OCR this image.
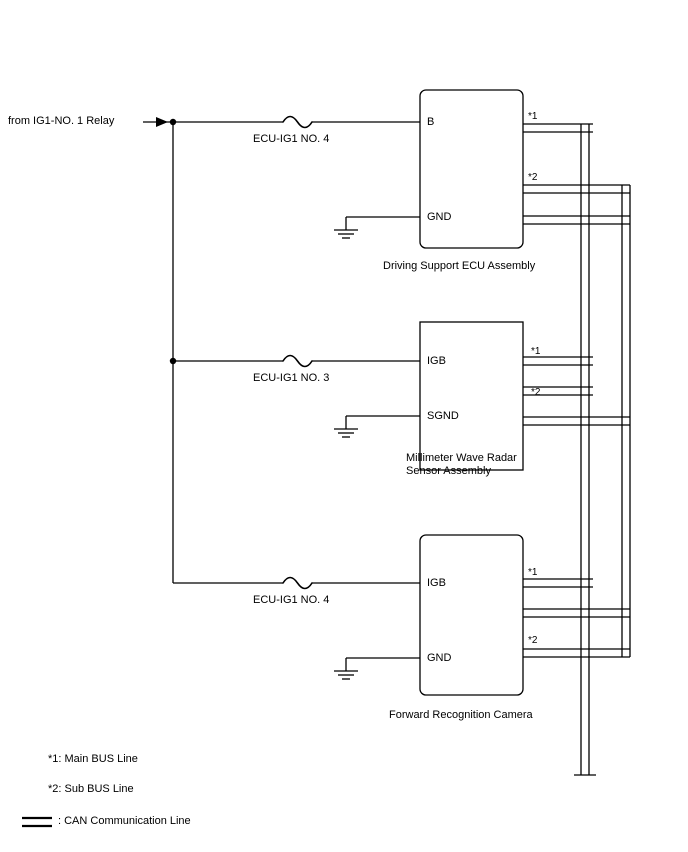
from IG1-NO. 1 Relay
ECU-IG1 NO. 4
ECU-IG1 NO. 3
ECU-IG1 NO. 4
B
GND
*1
*2
Driving Support ECU Assembly
IGB
SGND
*1
*2
Millimeter Wave Radar
Sensor Assembly
IGB
GND
*1
*2
Forward Recognition Camera
*1: Main BUS Line
*2: Sub BUS Line
: CAN Communication Line
